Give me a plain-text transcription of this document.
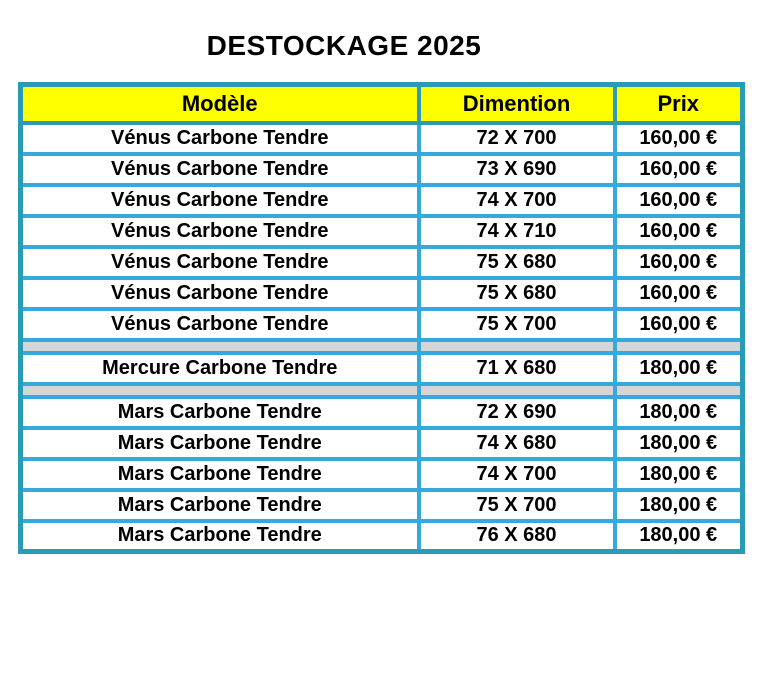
DESTOCKAGE 2025
Modèle	Dimention	Prix
Vénus Carbone Tendre	72 X 700	160,00 €
Vénus Carbone Tendre	73 X 690	160,00 €
Vénus Carbone Tendre	74 X 700	160,00 €
Vénus Carbone Tendre	74 X 710	160,00 €
Vénus Carbone Tendre	75 X 680	160,00 €
Vénus Carbone Tendre	75 X 680	160,00 €
Vénus Carbone Tendre	75 X 700	160,00 €

Mercure Carbone Tendre	71 X 680	180,00 €

Mars Carbone Tendre	72 X 690	180,00 €
Mars Carbone Tendre	74 X 680	180,00 €
Mars Carbone Tendre	74 X 700	180,00 €
Mars Carbone Tendre	75 X 700	180,00 €
Mars Carbone Tendre	76 X 680	180,00 €
